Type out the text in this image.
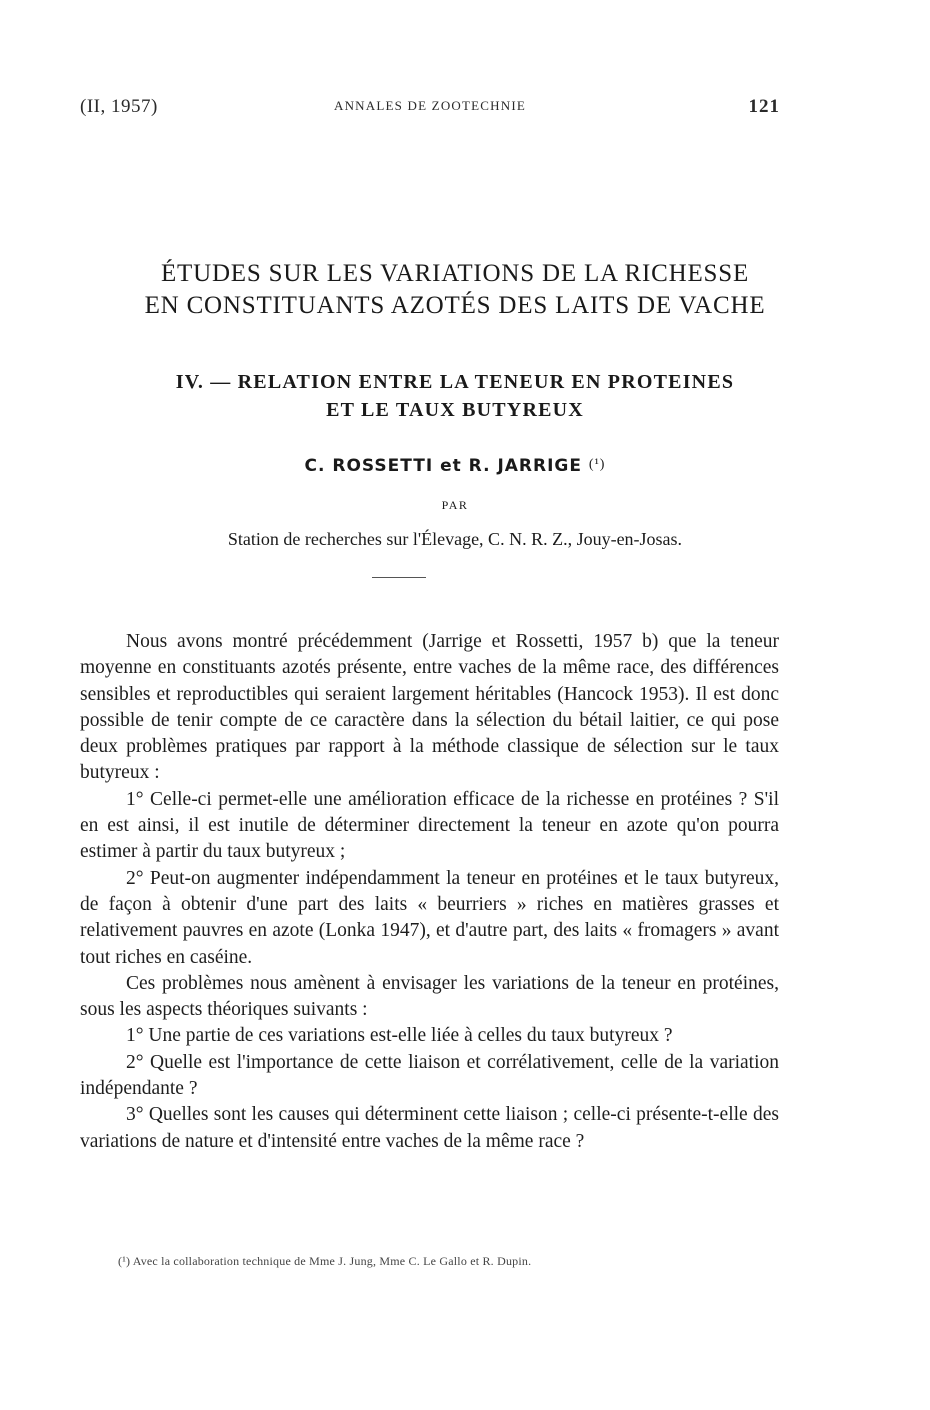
(II, 1957)	ANNALES DE ZOOTECHNIE	121
ÉTUDES SUR LES VARIATIONS DE LA RICHESSE
EN CONSTITUANTS AZOTÉS DES LAITS DE VACHE
IV. — RELATION ENTRE LA TENEUR EN PROTEINES
ET LE TAUX BUTYREUX
C. ROSSETTI et R. JARRIGE (¹)
PAR
Station de recherches sur l'Élevage, C. N. R. Z., Jouy-en-Josas.

Nous avons montré précédemment (Jarrige et Rossetti, 1957 b) que la teneur moyenne en constituants azotés présente, entre vaches de la même race, des différences sensibles et reproductibles qui seraient largement héritables (Hancock 1953). Il est donc possible de tenir compte de ce caractère dans la sélection du bétail laitier, ce qui pose deux problèmes pratiques par rapport à la méthode classique de sélection sur le taux butyreux :

1° Celle-ci permet-elle une amélioration efficace de la richesse en protéines ? S'il en est ainsi, il est inutile de déterminer directement la teneur en azote qu'on pourra estimer à partir du taux butyreux ;

2° Peut-on augmenter indépendamment la teneur en protéines et le taux butyreux, de façon à obtenir d'une part des laits « beurriers » riches en matières grasses et relativement pauvres en azote (Lonka 1947), et d'autre part, des laits « fromagers » avant tout riches en caséine.

Ces problèmes nous amènent à envisager les variations de la teneur en protéines, sous les aspects théoriques suivants :

1° Une partie de ces variations est-elle liée à celles du taux butyreux ?

2° Quelle est l'importance de cette liaison et corrélativement, celle de la variation indépendante ?

3° Quelles sont les causes qui déterminent cette liaison ; celle-ci présente-t-elle des variations de nature et d'intensité entre vaches de la même race ?

(¹) Avec la collaboration technique de Mme J. Jung, Mme C. Le Gallo et R. Dupin.
